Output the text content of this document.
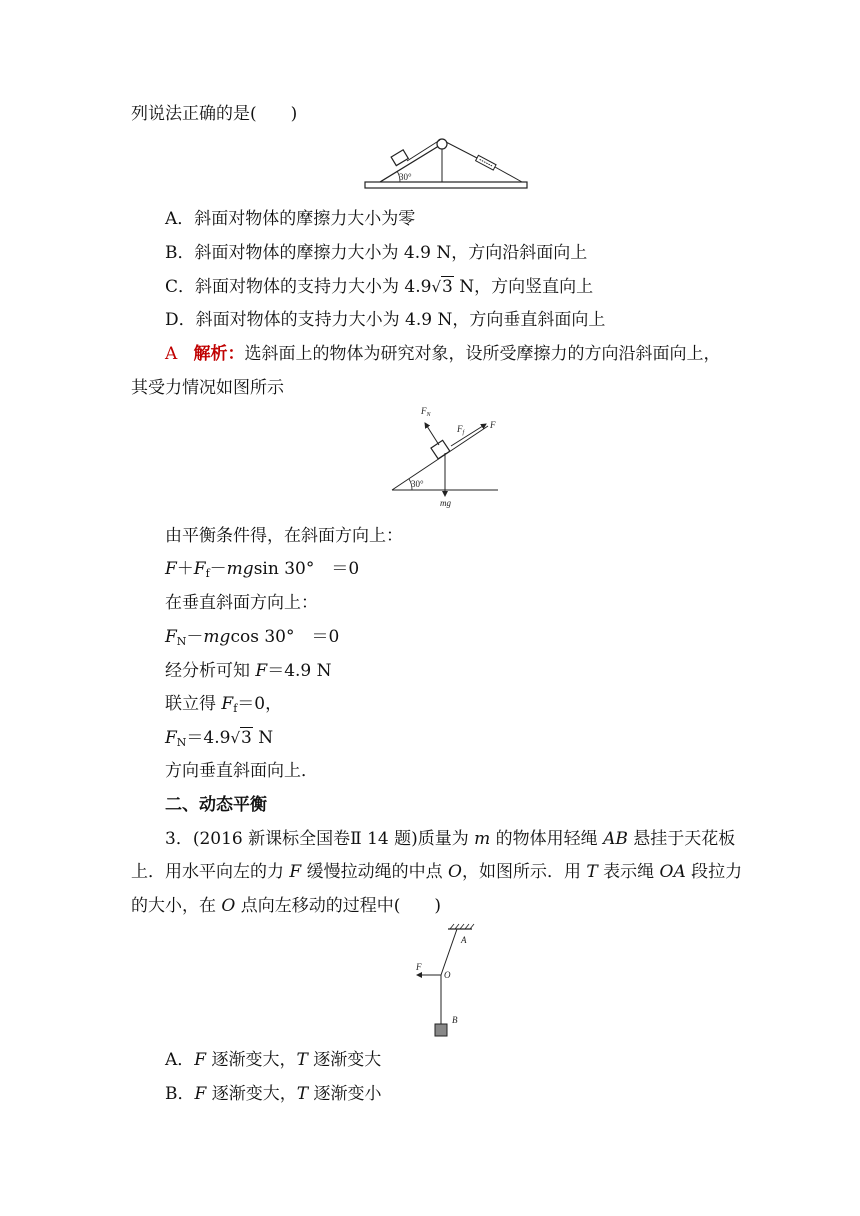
列说法正确的是(　　)
30°
A．斜面对物体的摩擦力大小为零
B．斜面对物体的摩擦力大小为 4.9 N，方向沿斜面向上
C．斜面对物体的支持力大小为 4.9√3 N，方向竖直向上
D．斜面对物体的支持力大小为 4.9 N，方向垂直斜面向上
A 解析：选斜面上的物体为研究对象，设所受摩擦力的方向沿斜面向上，
其受力情况如图所示
30°
$F_N$
$F_f$
F
mg
由平衡条件得，在斜面方向上：
$F+F_f-mgsin$ 30°　＝0
在垂直斜面方向上：
$F_N-mgcos$ 30°　＝0
经分析可知 F＝4.9 N
联立得 $F_f=0$，
$F_N=4.9√3$ N
方向垂直斜面向上．
二、动态平衡
3．(2016 新课标全国卷Ⅱ 14 题)质量为 m 的物体用轻绳 AB 悬挂于天花板
上．用水平向左的力 F 缓慢拉动绳的中点 O，如图所示．用 T 表示绳 OA 段拉力
的大小，在 O 点向左移动的过程中(　　)
A
F
O
B
A．F 逐渐变大，T 逐渐变大
B．F 逐渐变大，T 逐渐变小
